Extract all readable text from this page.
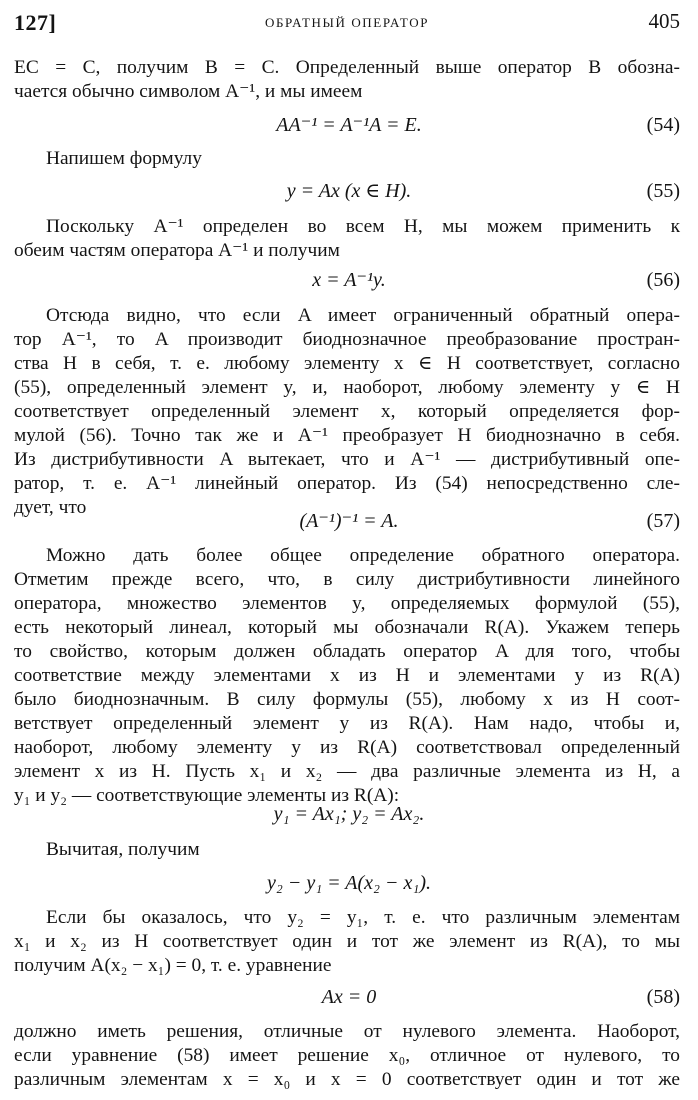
127]	ОБРАТНЫЙ ОПЕРАТОР	405
EC = C, получим B = C. Определенный выше оператор B обозна-
чается обычно символом A⁻¹, и мы имеем
AA⁻¹ = A⁻¹A = E.	(54)
Напишем формулу
y = Ax (x ∈ H).	(55)
Поскольку A⁻¹ определен во всем H, мы можем применить к
обеим частям оператора A⁻¹ и получим
x = A⁻¹y.	(56)
Отсюда видно, что если A имеет ограниченный обратный опера-
тор A⁻¹, то A производит биоднозначное преобразование простран-
ства H в себя, т. е. любому элементу x ∈ H соответствует, согласно
(55), определенный элемент y, и, наоборот, любому элементу y ∈ H
соответствует определенный элемент x, который определяется фор-
мулой (56). Точно так же и A⁻¹ преобразует H биоднозначно в себя.
Из дистрибутивности A вытекает, что и A⁻¹ — дистрибутивный опе-
ратор, т. е. A⁻¹ линейный оператор. Из (54) непосредственно сле-
дует, что
(A⁻¹)⁻¹ = A.	(57)
Можно дать более общее определение обратного оператора.
Отметим прежде всего, что, в силу дистрибутивности линейного
оператора, множество элементов y, определяемых формулой (55),
есть некоторый линеал, который мы обозначали R(A). Укажем теперь
то свойство, которым должен обладать оператор A для того, чтобы
соответствие между элементами x из H и элементами y из R(A)
было биоднозначным. В силу формулы (55), любому x из H соот-
ветствует определенный элемент y из R(A). Нам надо, чтобы и,
наоборот, любому элементу y из R(A) соответствовал определенный
элемент x из H. Пусть x₁ и x₂ — два различные элемента из H, а
y₁ и y₂ — соответствующие элементы из R(A):
y₁ = Ax₁; y₂ = Ax₂.
Вычитая, получим
y₂ − y₁ = A(x₂ − x₁).
Если бы оказалось, что y₂ = y₁, т. е. что различным элементам
x₁ и x₂ из H соответствует один и тот же элемент из R(A), то мы
получим A(x₂ − x₁) = 0, т. е. уравнение
Ax = 0	(58)
должно иметь решения, отличные от нулевого элемента. Наоборот,
если уравнение (58) имеет решение x₀, отличное от нулевого, то
различным элементам x = x₀ и x = 0 соответствует один и тот же
